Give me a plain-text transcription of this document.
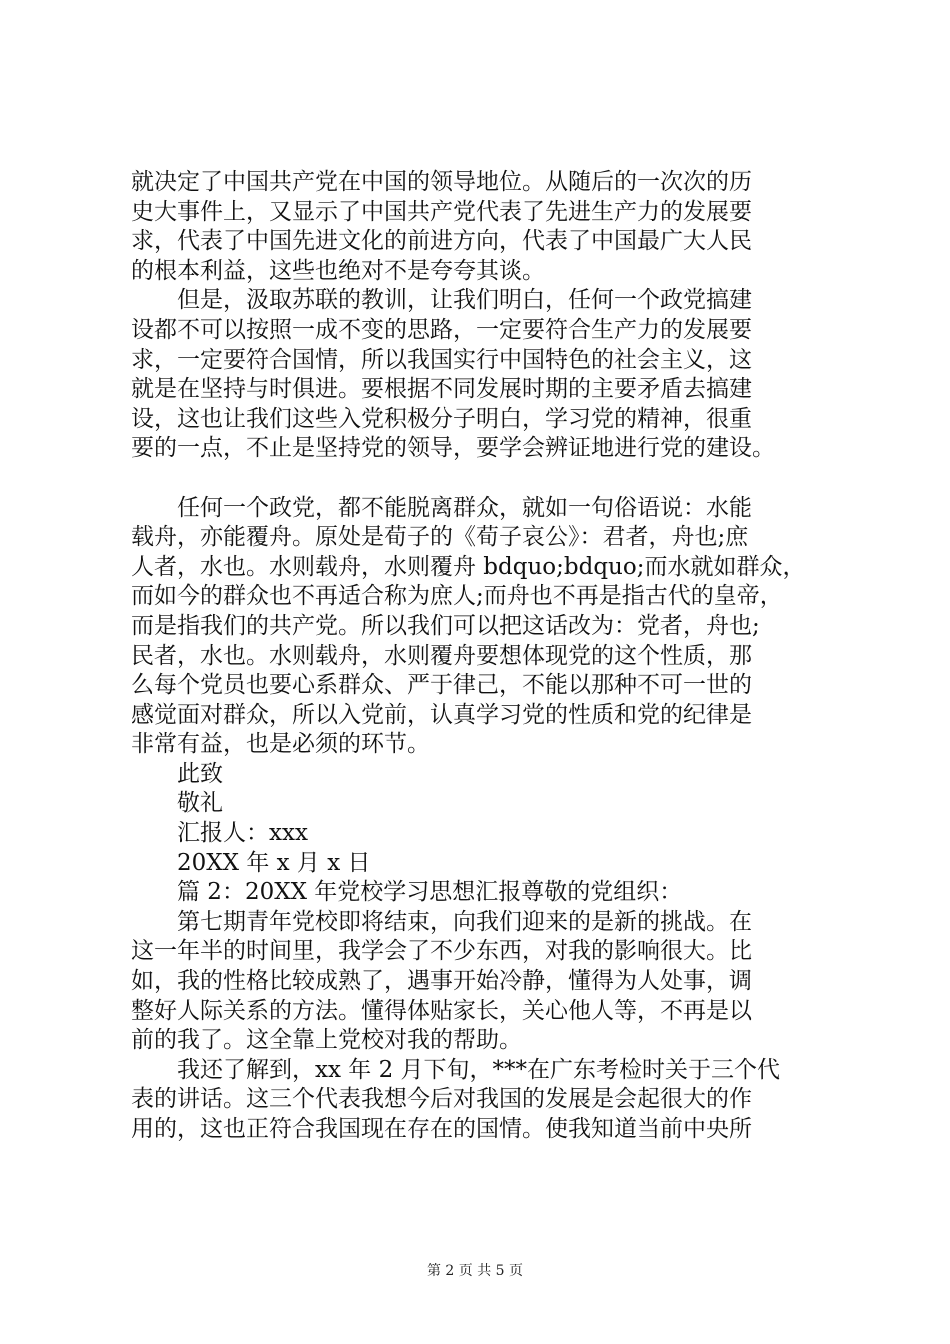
就决定了中国共产党在中国的领导地位。从随后的一次次的历
史大事件上，又显示了中国共产党代表了先进生产力的发展要
求，代表了中国先进文化的前进方向，代表了中国最广大人民
的根本利益，这些也绝对不是夸夸其谈。
　　但是，汲取苏联的教训，让我们明白，任何一个政党搞建
设都不可以按照一成不变的思路，一定要符合生产力的发展要
求，一定要符合国情，所以我国实行中国特色的社会主义，这
就是在坚持与时俱进。要根据不同发展时期的主要矛盾去搞建
设，这也让我们这些入党积极分子明白，学习党的精神，很重
要的一点，不止是坚持党的领导，要学会辨证地进行党的建设。
　　任何一个政党，都不能脱离群众，就如一句俗语说：水能
载舟，亦能覆舟。原处是荀子的《荀子哀公》：君者，舟也;庶
人者，水也。水则载舟，水则覆舟 bdquo;bdquo;而水就如群众，
而如今的群众也不再适合称为庶人;而舟也不再是指古代的皇帝，
而是指我们的共产党。所以我们可以把这话改为：党者，舟也;
民者，水也。水则载舟，水则覆舟要想体现党的这个性质，那
么每个党员也要心系群众、严于律己，不能以那种不可一世的
感觉面对群众，所以入党前，认真学习党的性质和党的纪律是
非常有益，也是必须的环节。
　　此致
　　敬礼
　　汇报人：xxx
　　20XX 年 x 月 x 日
　　篇 2：20XX 年党校学习思想汇报尊敬的党组织：
　　第七期青年党校即将结束，向我们迎来的是新的挑战。在
这一年半的时间里，我学会了不少东西，对我的影响很大。比
如，我的性格比较成熟了，遇事开始冷静，懂得为人处事，调
整好人际关系的方法。懂得体贴家长，关心他人等，不再是以
前的我了。这全靠上党校对我的帮助。
　　我还了解到，xx 年 2 月下旬，***在广东考检时关于三个代
表的讲话。这三个代表我想今后对我国的发展是会起很大的作
用的，这也正符合我国现在存在的国情。使我知道当前中央所
第 2 页 共 5 页
